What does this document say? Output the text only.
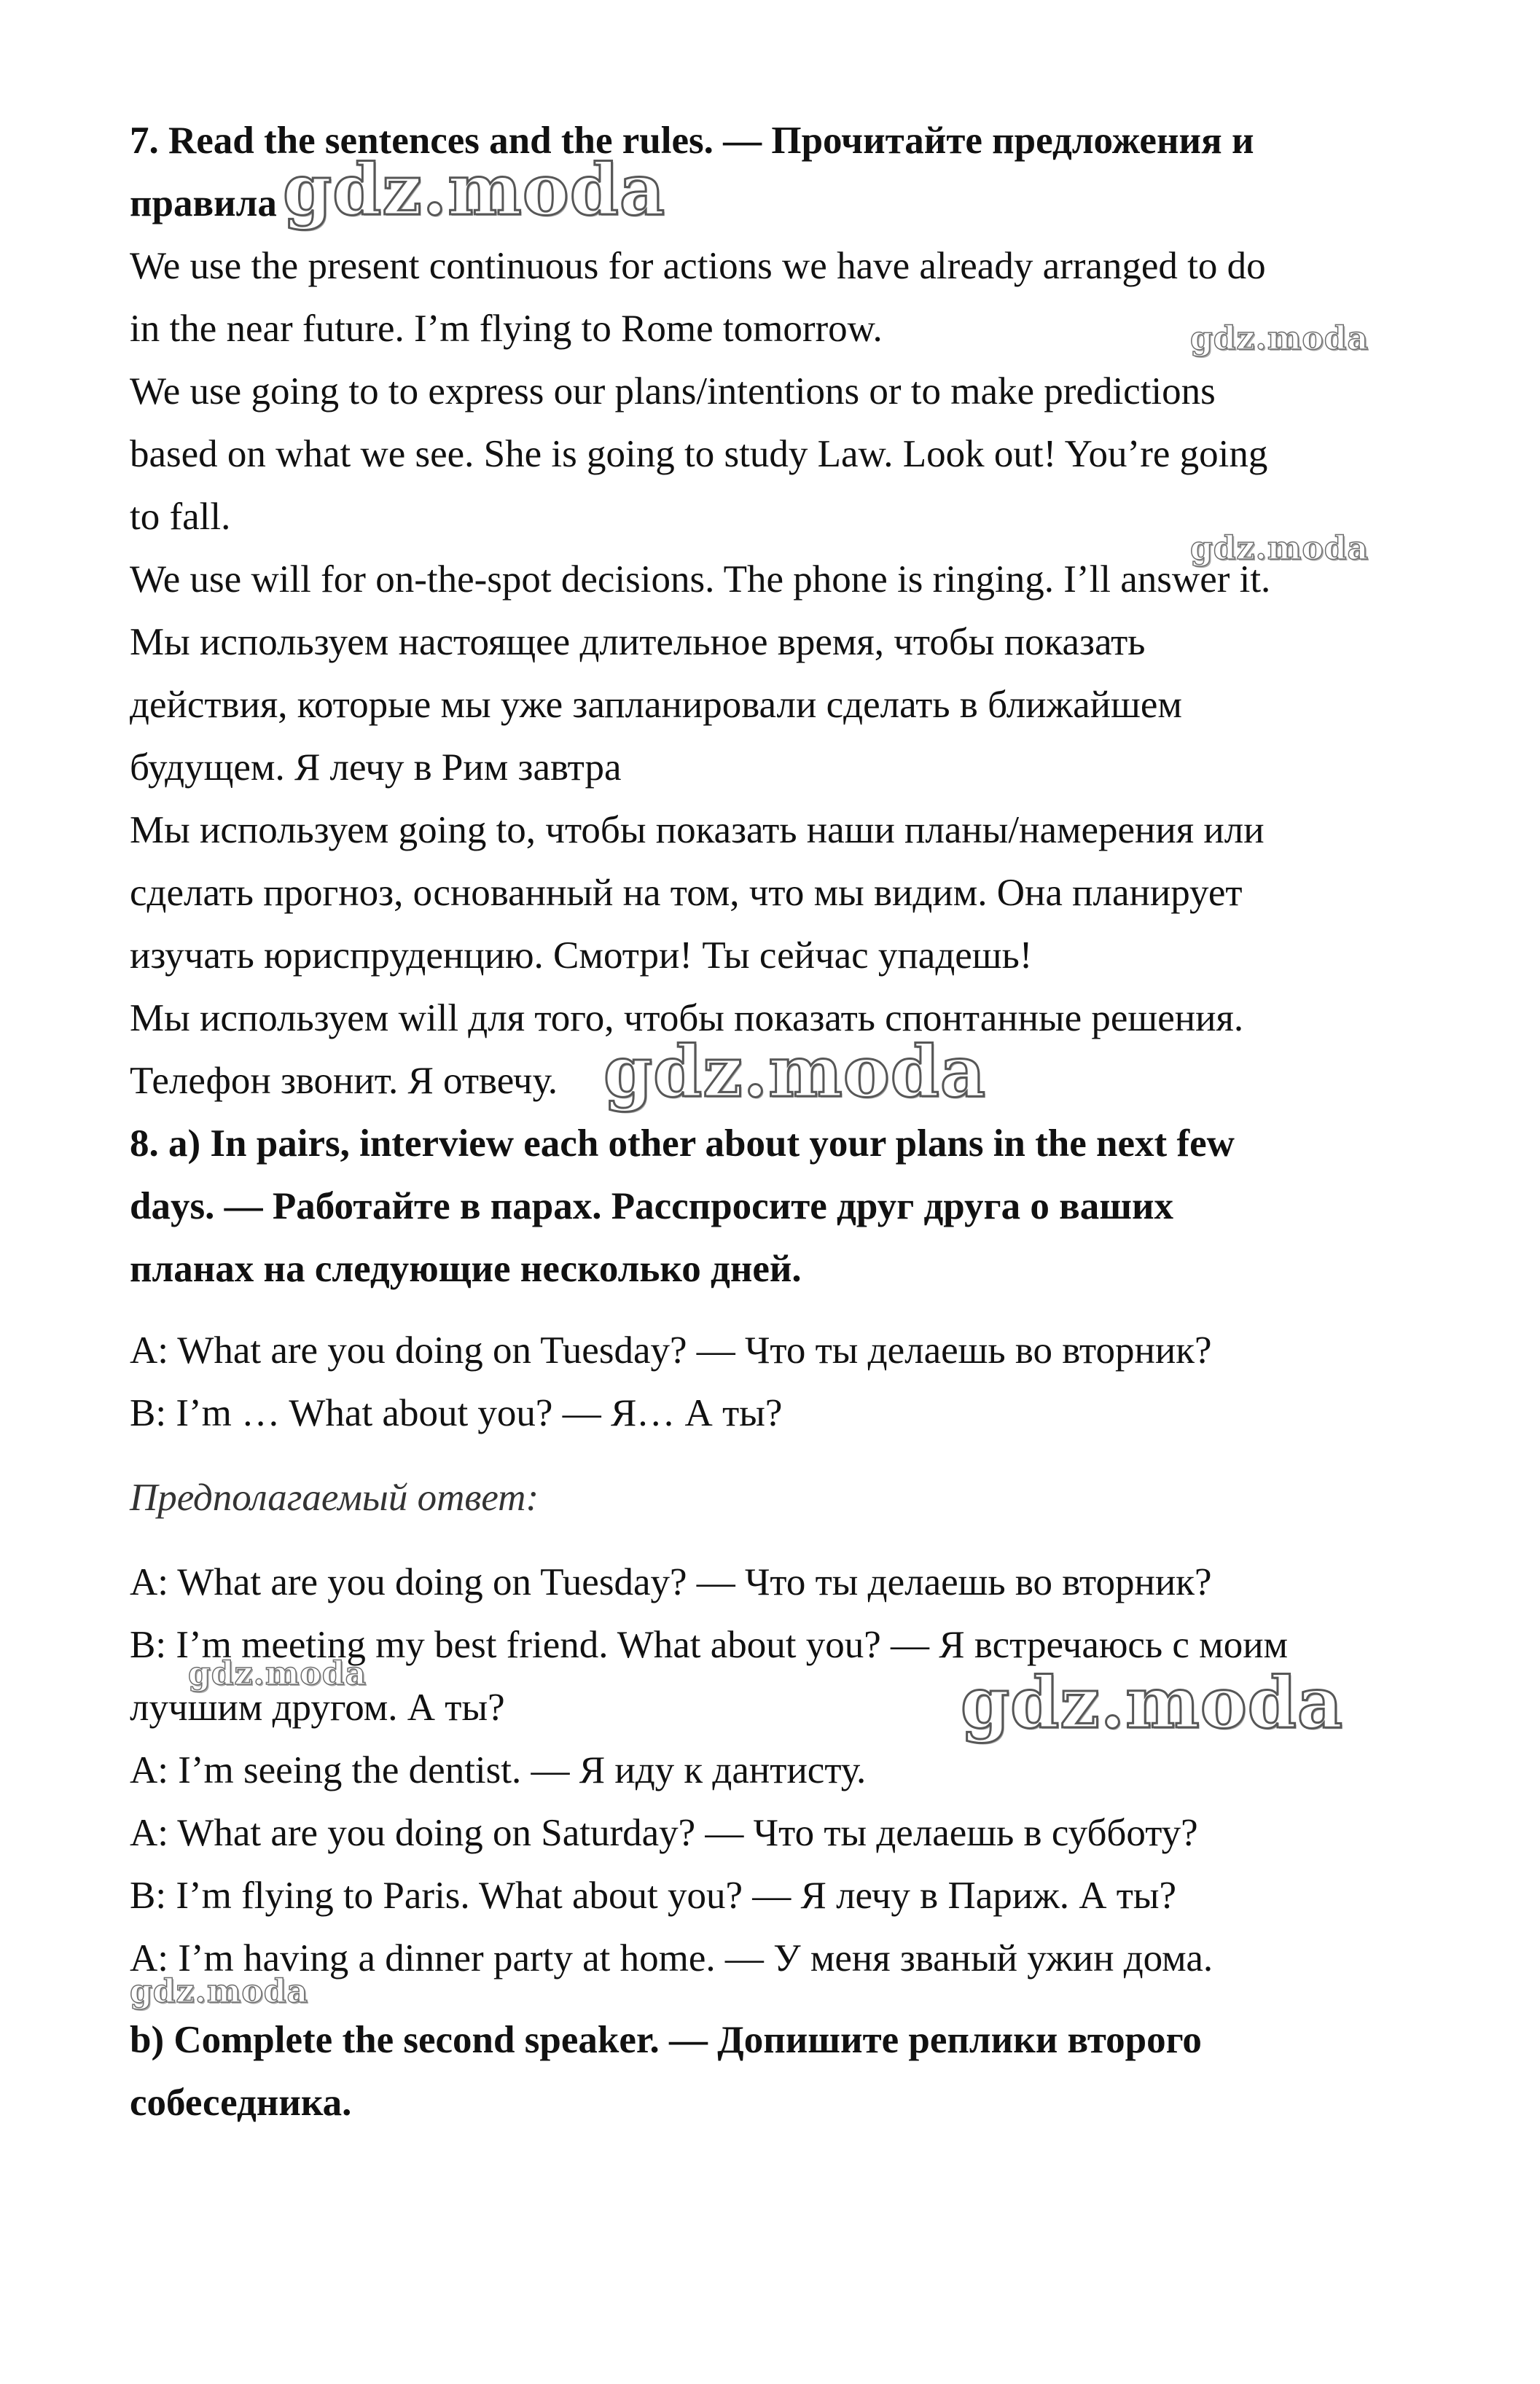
7. Read the sentences and the rules. — Прочитайте предложения и
правила gdz.moda
We use the present continuous for actions we have already arranged to do
in the near future. I’m flying to Rome tomorrow.	gdz.moda
We use going to to express our plans/intentions or to make predictions
based on what we see. She is going to study Law. Look out! You’re going
to fall.
gdz.moda
We use will for on-the-spot decisions. The phone is ringing. I’ll answer it.
Мы используем настоящее длительное время, чтобы показать
действия, которые мы уже запланировали сделать в ближайшем
будущем. Я лечу в Рим завтра
Мы используем going to, чтобы показать наши планы/намерения или
сделать прогноз, основанный на том, что мы видим. Она планирует
изучать юриспруденцию. Смотри! Ты сейчас упадешь!
Мы используем will для того, чтобы показать спонтанные решения.
Телефон звонит. Я отвечу. gdz.moda
8. a) In pairs, interview each other about your plans in the next few
days. — Работайте в парах. Расспросите друг друга о ваших
планах на следующие несколько дней.
A: What are you doing on Tuesday? — Что ты делаешь во вторник?
B: I’m … What about you? — Я… А ты?
Предполагаемый ответ:
A: What are you doing on Tuesday? — Что ты делаешь во вторник?
B: I’m meeting my best friend. What about you? — Я встречаюсь с моим
gdz.moda
лучшим другом. А ты?	gdz.moda
A: I’m seeing the dentist. — Я иду к дантисту.
A: What are you doing on Saturday? — Что ты делаешь в субботу?
B: I’m flying to Paris. What about you? — Я лечу в Париж. А ты?
A: I’m having a dinner party at home. — У меня званый ужин дома.
gdz.moda
b) Complete the second speaker. — Допишите реплики второго
собеседника.
